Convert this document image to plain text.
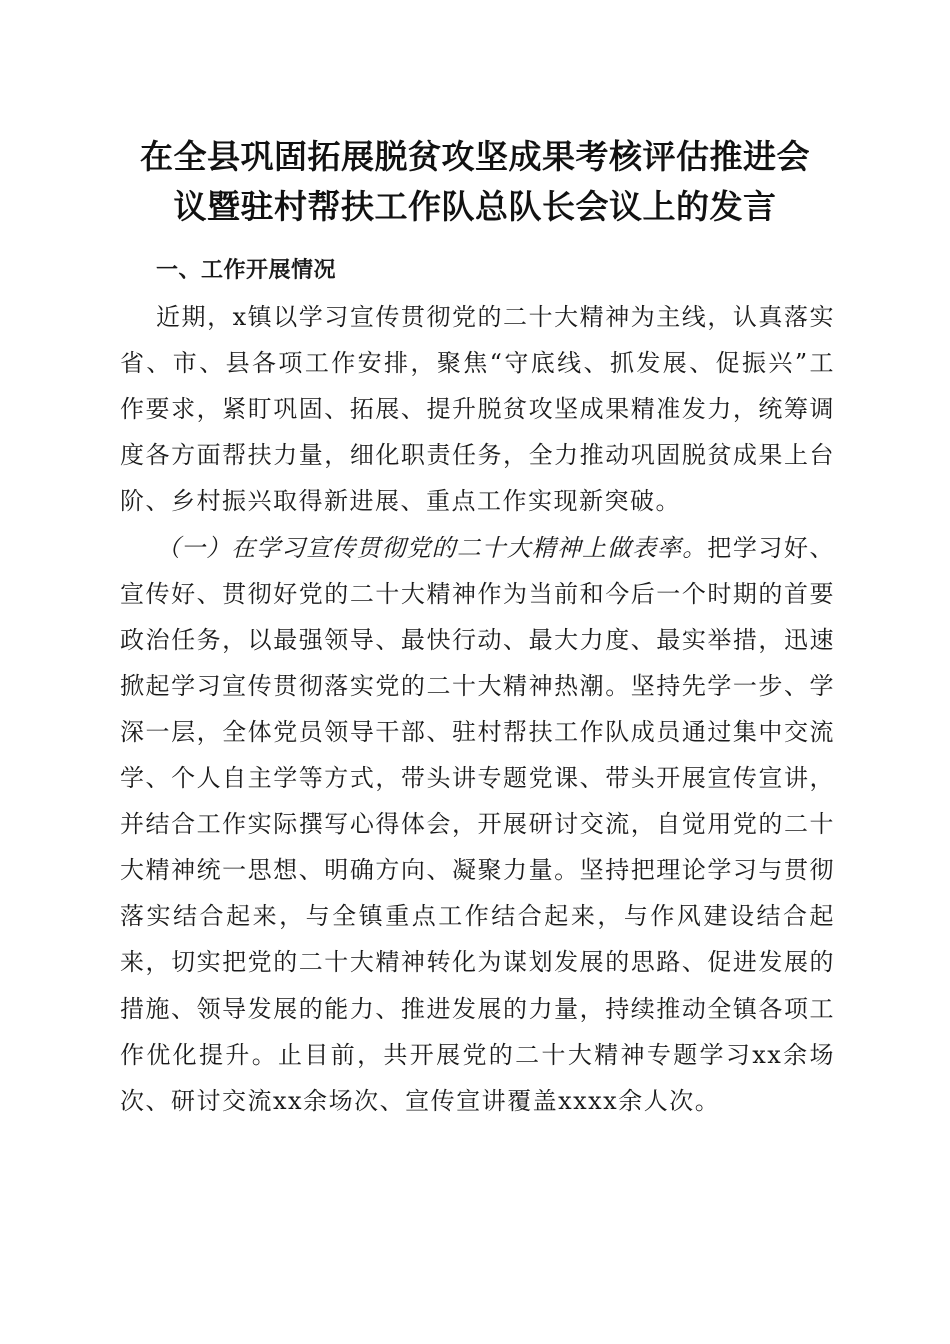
在全县巩固拓展脱贫攻坚成果考核评估推进会
议暨驻村帮扶工作队总队长会议上的发言

一、工作开展情况

近期，x镇以学习宣传贯彻党的二十大精神为主线，认真落实省、市、县各项工作安排，聚焦“守底线、抓发展、促振兴”工作要求，紧盯巩固、拓展、提升脱贫攻坚成果精准发力，统筹调度各方面帮扶力量，细化职责任务，全力推动巩固脱贫成果上台阶、乡村振兴取得新进展、重点工作实现新突破。

（一）在学习宣传贯彻党的二十大精神上做表率。把学习好、宣传好、贯彻好党的二十大精神作为当前和今后一个时期的首要政治任务，以最强领导、最快行动、最大力度、最实举措，迅速掀起学习宣传贯彻落实党的二十大精神热潮。坚持先学一步、学深一层，全体党员领导干部、驻村帮扶工作队成员通过集中交流学、个人自主学等方式，带头讲专题党课、带头开展宣传宣讲，并结合工作实际撰写心得体会，开展研讨交流，自觉用党的二十大精神统一思想、明确方向、凝聚力量。坚持把理论学习与贯彻落实结合起来，与全镇重点工作结合起来，与作风建设结合起来，切实把党的二十大精神转化为谋划发展的思路、促进发展的措施、领导发展的能力、推进发展的力量，持续推动全镇各项工作优化提升。止目前，共开展党的二十大精神专题学习xx余场次、研讨交流xx余场次、宣传宣讲覆盖xxxx余人次。
